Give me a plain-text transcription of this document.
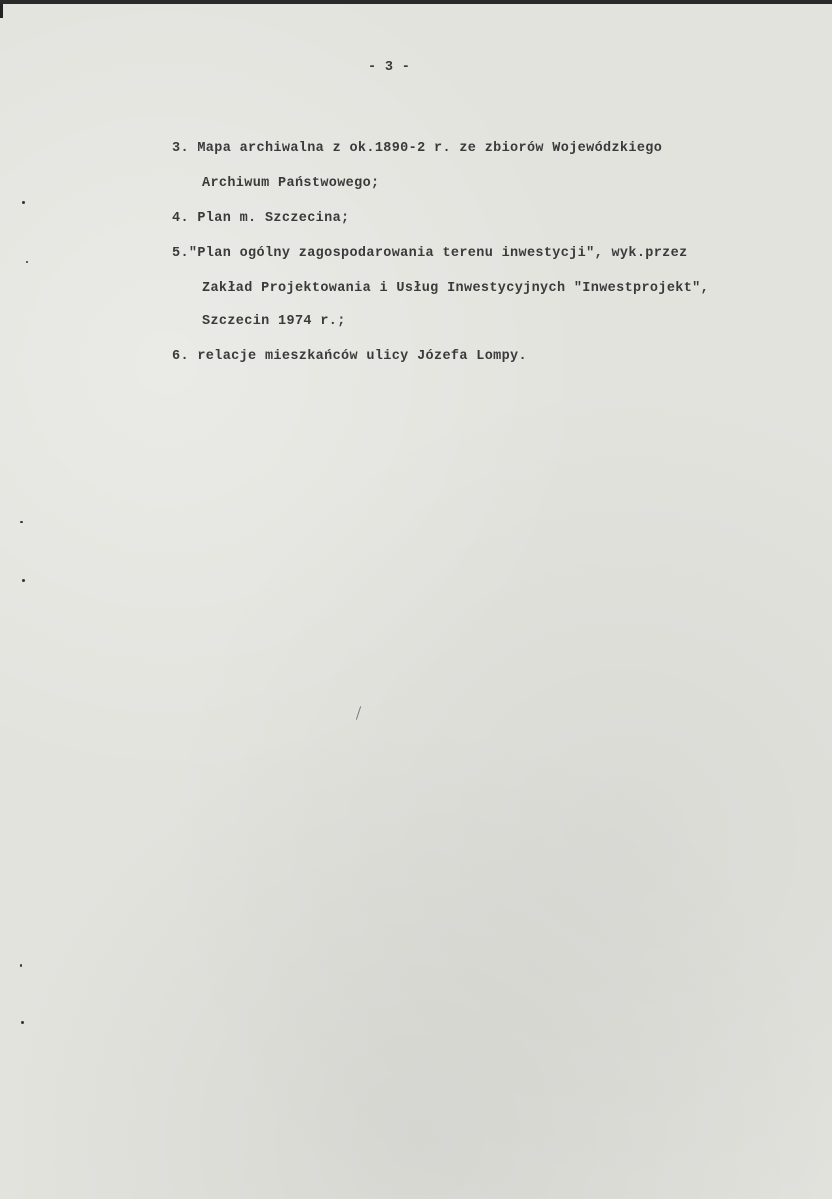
- 3 -
3. Mapa archiwalna z ok.1890-2 r. ze zbiorów Wojewódzkiego
Archiwum Państwowego;
4. Plan m. Szczecina;
5."Plan ogólny zagospodarowania terenu inwestycji", wyk.przez
Zakład Projektowania i Usług Inwestycyjnych "Inwestprojekt",
Szczecin 1974 r.;
6. relacje mieszkańców ulicy Józefa Lompy.
